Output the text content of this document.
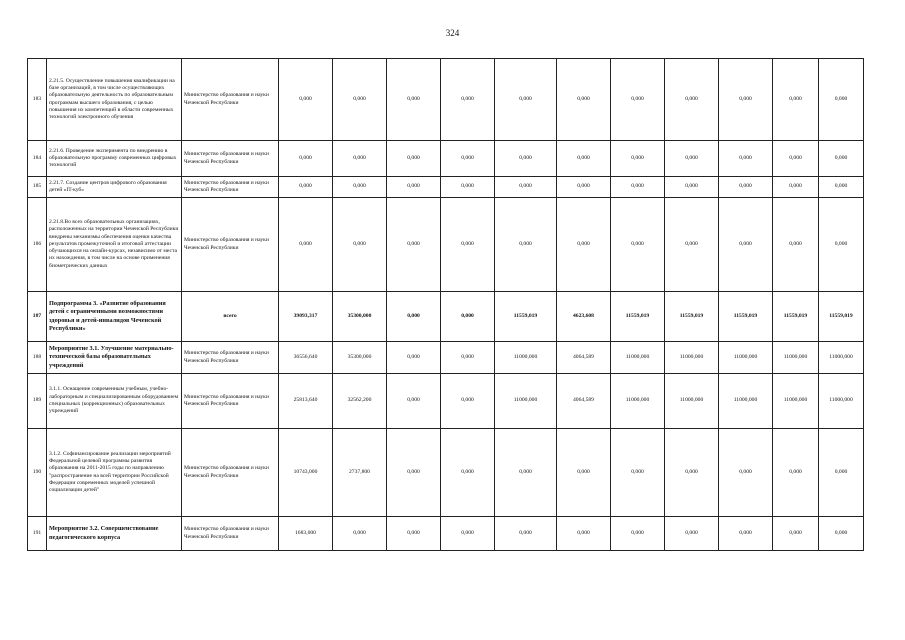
324
183	2.21.5. Осуществление повышения квалификации на базе организаций, в том числе осуществляющих образовательную деятельность по образовательным программам высшего образования, с целью повышения их компетенций в области современных технологий электронного обучения	Министерство образования и науки Чеченской Республики	0,000	0,000	0,000	0,000	0,000	0,000	0,000	0,000	0,000	0,000	0,000
184	2.21.6. Проведение эксперимента по внедрению в образовательную программу современных цифровых технологий	Министерство образования и науки Чеченской Республики	0,000	0,000	0,000	0,000	0,000	0,000	0,000	0,000	0,000	0,000	0,000
185	2.21.7. Создание центров цифрового образования детей «IT-куб»	Министерство образования и науки Чеченской Республики	0,000	0,000	0,000	0,000	0,000	0,000	0,000	0,000	0,000	0,000	0,000
186	2.21.8.Во всех образовательных организациях, расположенных на территории Чеченской Республики внедрены механизмы обеспечения оценки качества результатов промежуточной и итоговой аттестации обучающихся на онлайн-курсах, независимо от места их нахождения, в том числе на основе применения биометрических данных	Министерство образования и науки Чеченской Республики	0,000	0,000	0,000	0,000	0,000	0,000	0,000	0,000	0,000	0,000	0,000
187	Подпрограмма 3. «Развитие образования детей с ограниченными возможностями здоровья и детей-инвалидов Чеченской Республики»	всего	39093,317	35300,000	0,000	0,000	11559,019	4623,608	11559,019	11559,019	11559,019	11559,019	11559,019
188	Мероприятие 3.1. Улучшение материально-технической базы образовательных учреждений	Министерство образования и науки Чеченской Республики	36556,640	35300,000	0,000	0,000	11000,000	4064,589	11000,000	11000,000	11000,000	11000,000	11000,000
189	3.1.1. Оснащение современным учебным, учебно-лабораторным и специализированным оборудованием специальных (коррекционных) образовательных учреждений	Министерство образования и науки Чеченской Республики	25813,640	32562,200	0,000	0,000	11000,000	4064,589	11000,000	11000,000	11000,000	11000,000	11000,000
190	3.1.2. Софинансирование реализации мероприятий Федеральной целевой программы развития образования на 2011-2015 годы по направлению "распространение на всей территории Российской Федерации современных моделей успешной социализации детей"	Министерство образования и науки Чеченской Республики	10743,000	2737,800	0,000	0,000	0,000	0,000	0,000	0,000	0,000	0,000	0,000
191	Мероприятие 3.2. Совершенствование педагогического корпуса	Министерство образования и науки Чеченской Республики	1683,000	0,000	0,000	0,000	0,000	0,000	0,000	0,000	0,000	0,000	0,000
